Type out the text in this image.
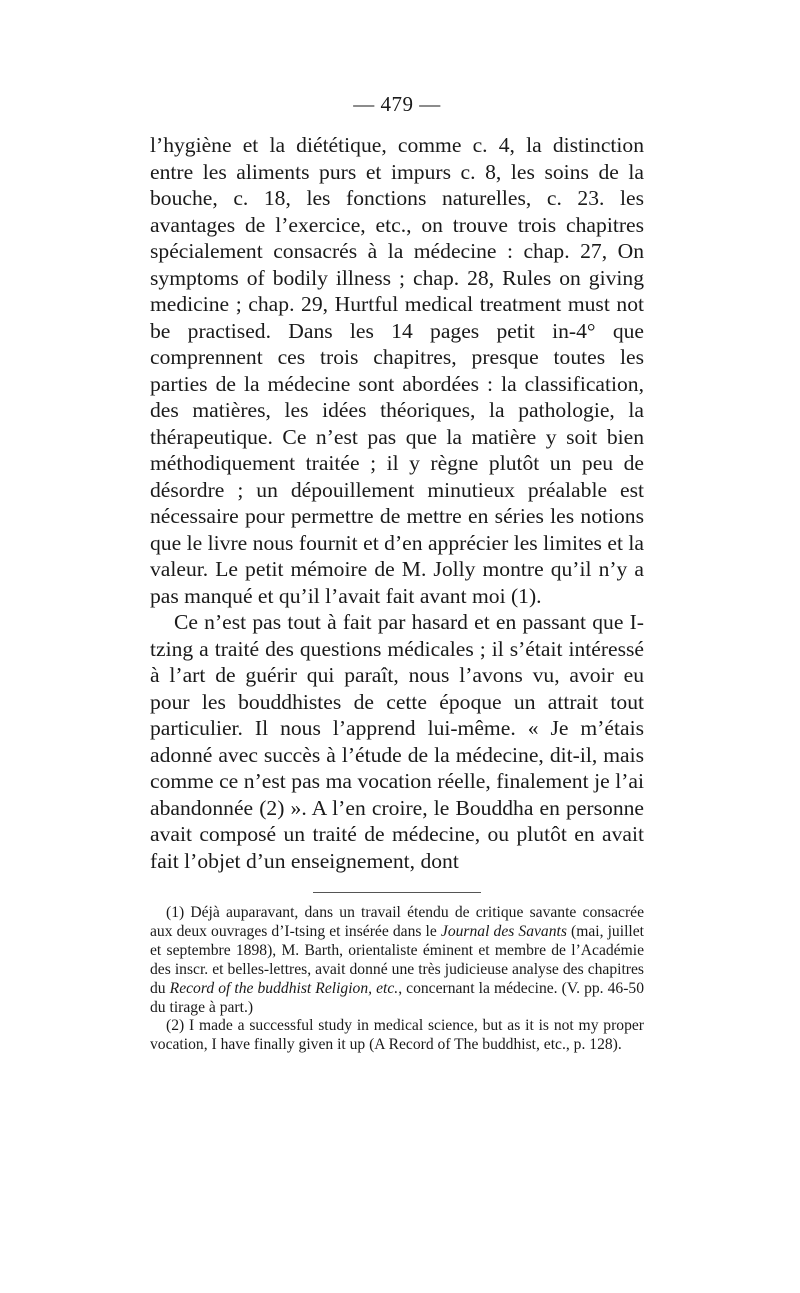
— 479 —

l’hygiène et la diététique, comme c. 4, la distinction entre les aliments purs et impurs c. 8, les soins de la bouche, c. 18, les fonctions naturelles, c. 23. les avantages de l’exercice, etc., on trouve trois chapitres spécialement consacrés à la médecine : chap. 27, On symptoms of bodily illness ; chap. 28, Rules on giving medicine ; chap. 29, Hurtful medical treatment must not be practised. Dans les 14 pages petit in-4° que comprennent ces trois chapitres, presque toutes les parties de la médecine sont abordées : la classification, des matières, les idées théoriques, la pathologie, la thérapeutique. Ce n’est pas que la matière y soit bien méthodiquement traitée ; il y règne plutôt un peu de désordre ; un dépouillement minutieux préalable est nécessaire pour permettre de mettre en séries les notions que le livre nous fournit et d’en apprécier les limites et la valeur. Le petit mémoire de M. Jolly montre qu’il n’y a pas manqué et qu’il l’avait fait avant moi (1).

Ce n’est pas tout à fait par hasard et en passant que I-tzing a traité des questions médicales ; il s’était intéressé à l’art de guérir qui paraît, nous l’avons vu, avoir eu pour les bouddhistes de cette époque un attrait tout particulier. Il nous l’apprend lui-même. « Je m’étais adonné avec succès à l’étude de la médecine, dit-il, mais comme ce n’est pas ma vocation réelle, finalement je l’ai abandonnée (2) ». A l’en croire, le Bouddha en personne avait composé un traité de médecine, ou plutôt en avait fait l’objet d’un enseignement, dont

(1) Déjà auparavant, dans un travail étendu de critique savante consacrée aux deux ouvrages d’I-tsing et insérée dans le Journal des Savants (mai, juillet et septembre 1898), M. Barth, orientaliste éminent et membre de l’Académie des inscr. et belles-lettres, avait donné une très judicieuse analyse des chapitres du Record of the buddhist Religion, etc., concernant la médecine. (V. pp. 46-50 du tirage à part.)

(2) I made a successful study in medical science, but as it is not my proper vocation, I have finally given it up (A Record of The buddhist, etc., p. 128).
